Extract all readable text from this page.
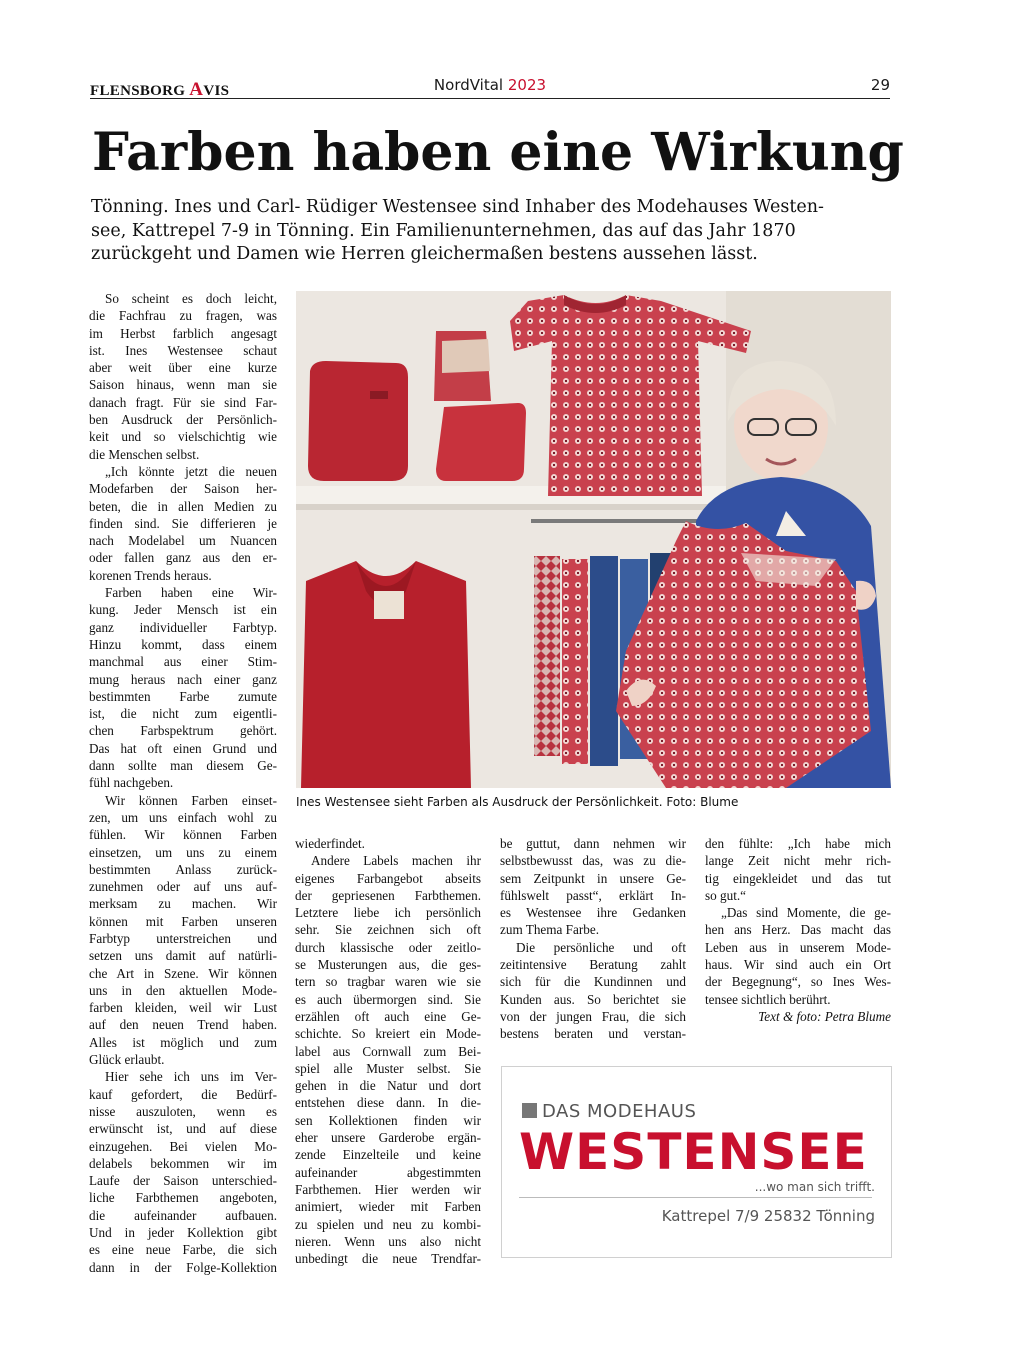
FLENSBORG AVIS	NordVital 2023	29
Farben haben eine Wirkung
Tönning. Ines und Carl- Rüdiger Westensee sind Inhaber des Modehauses Westen-
see, Kattrepel 7-9 in Tönning. Ein Familienunternehmen, das auf das Jahr 1870
zurückgeht und Damen wie Herren gleichermaßen bestens aussehen lässt.
So scheint es doch leicht,
die Fachfrau zu fragen, was
im Herbst farblich angesagt
ist. Ines Westensee schaut
aber weit über eine kurze
Saison hinaus, wenn man sie
danach fragt. Für sie sind Far-
ben Ausdruck der Persönlich-
keit und so vielschichtig wie
die Menschen selbst.
„Ich könnte jetzt die neuen
Modefarben der Saison her-
beten, die in allen Medien zu
finden sind. Sie differieren je
nach Modelabel um Nuancen
oder fallen ganz aus den er-
korenen Trends heraus.
Farben haben eine Wir-
kung. Jeder Mensch ist ein
ganz individueller Farbtyp.
Hinzu kommt, dass einem
manchmal aus einer Stim-
mung heraus nach einer ganz
bestimmten Farbe zumute
ist, die nicht zum eigentli-
chen Farbspektrum gehört.
Das hat oft einen Grund und
dann sollte man diesem Ge-
fühl nachgeben.
Wir können Farben einset-
zen, um uns einfach wohl zu
fühlen. Wir können Farben
einsetzen, um uns zu einem
bestimmten Anlass zurück-
zunehmen oder auf uns auf-
merksam zu machen. Wir
können mit Farben unseren
Farbtyp unterstreichen und
setzen uns damit auf natürli-
che Art in Szene. Wir können
uns in den aktuellen Mode-
farben kleiden, weil wir Lust
auf den neuen Trend haben.
Alles ist möglich und zum
Glück erlaubt.
Hier sehe ich uns im Ver-
kauf gefordert, die Bedürf-
nisse auszuloten, wenn es
erwünscht ist, und auf diese
einzugehen. Bei vielen Mo-
delabels bekommen wir im
Laufe der Saison unterschied-
liche Farbthemen angeboten,
die aufeinander aufbauen.
Und in jeder Kollektion gibt
es eine neue Farbe, die sich
dann in der Folge-Kollektion
Ines Westensee sieht Farben als Ausdruck der Persönlichkeit. Foto: Blume
wiederfindet.
Andere Labels machen ihr
eigenes Farbangebot abseits
der gepriesenen Farbthemen.
Letztere liebe ich persönlich
sehr. Sie zeichnen sich oft
durch klassische oder zeitlo-
se Musterungen aus, die ges-
tern so tragbar waren wie sie
es auch übermorgen sind. Sie
erzählen oft auch eine Ge-
schichte. So kreiert ein Mode-
label aus Cornwall zum Bei-
spiel alle Muster selbst. Sie
gehen in die Natur und dort
entstehen diese dann. In die-
sen Kollektionen finden wir
eher unsere Garderobe ergän-
zende Einzelteile und keine
aufeinander abgestimmten
Farbthemen. Hier werden wir
animiert, wieder mit Farben
zu spielen und neu zu kombi-
nieren. Wenn uns also nicht
unbedingt die neue Trendfar-
be guttut, dann nehmen wir
selbstbewusst das, was zu die-
sem Zeitpunkt in unsere Ge-
fühlswelt passt“, erklärt In-
es Westensee ihre Gedanken
zum Thema Farbe.
Die persönliche und oft
zeitintensive Beratung zahlt
sich für die Kundinnen und
Kunden aus. So berichtet sie
von der jungen Frau, die sich
bestens beraten und verstan-
den fühlte: „Ich habe mich
lange Zeit nicht mehr rich-
tig eingekleidet und das tut
so gut.“
„Das sind Momente, die ge-
hen ans Herz. Das macht das
Leben aus in unserem Mode-
haus. Wir sind auch ein Ort
der Begegnung“, so Ines Wes-
tensee sichtlich berührt.
Text & foto: Petra Blume
DAS MODEHAUS
WESTENSEE
...wo man sich trifft.
Kattrepel 7/9 25832 Tönning
